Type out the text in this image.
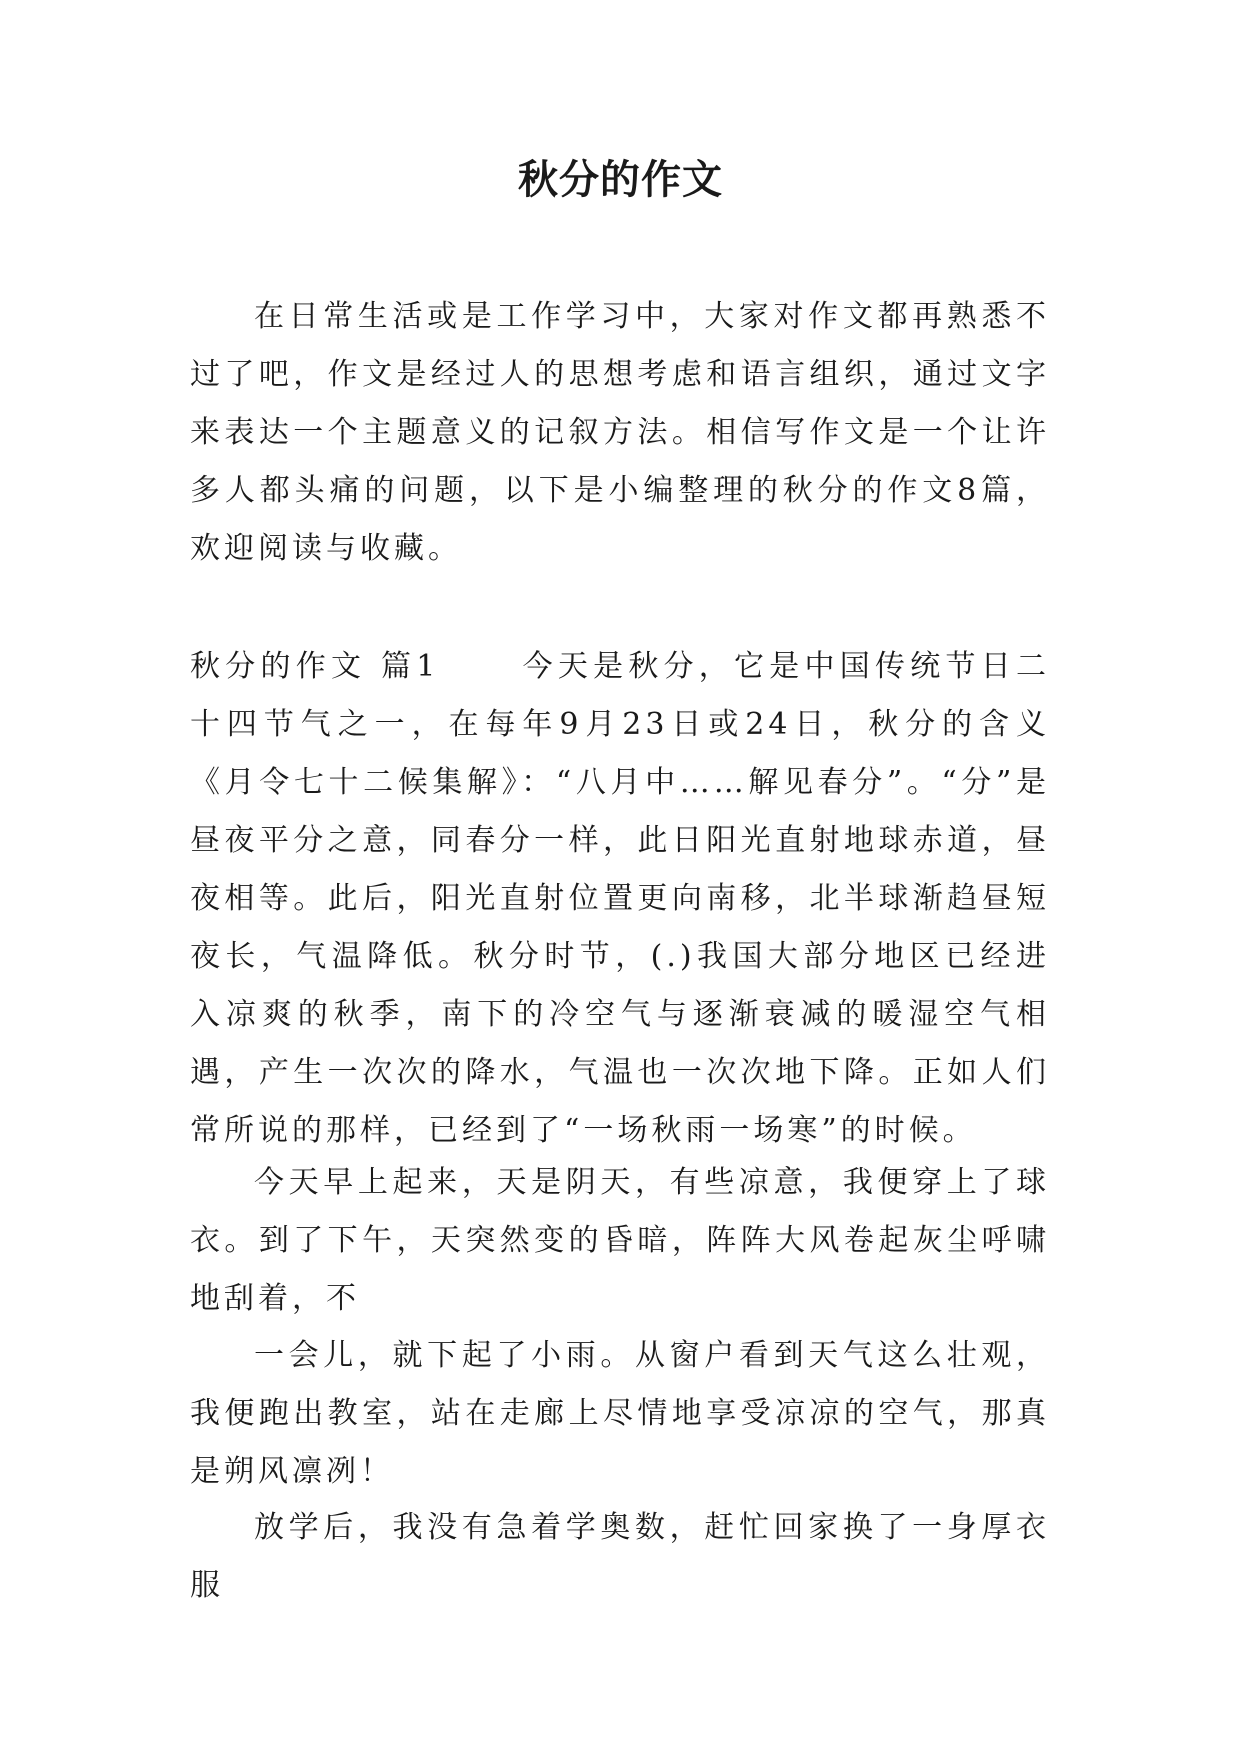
秋分的作文

在日常生活或是工作学习中，大家对作文都再熟悉不过了吧，作文是经过人的思想考虑和语言组织，通过文字来表达一个主题意义的记叙方法。相信写作文是一个让许多人都头痛的问题，以下是小编整理的秋分的作文8篇，欢迎阅读与收藏。

秋分的作文 篇1	今天是秋分，它是中国传统节日二十四节气之一，在每年9月23日或24日，秋分的含义《月令七十二候集解》：“八月中……解见春分”。“分”是昼夜平分之意，同春分一样，此日阳光直射地球赤道，昼夜相等。此后，阳光直射位置更向南移，北半球渐趋昼短夜长，气温降低。秋分时节，(.)我国大部分地区已经进入凉爽的秋季，南下的冷空气与逐渐衰减的暖湿空气相遇，产生一次次的降水，气温也一次次地下降。正如人们常所说的那样，已经到了“一场秋雨一场寒”的时候。

今天早上起来，天是阴天，有些凉意，我便穿上了球衣。到了下午，天突然变的昏暗，阵阵大风卷起灰尘呼啸地刮着，不

一会儿，就下起了小雨。从窗户看到天气这么壮观，我便跑出教室，站在走廊上尽情地享受凉凉的空气，那真是朔风凛冽！

放学后，我没有急着学奥数，赶忙回家换了一身厚衣服
